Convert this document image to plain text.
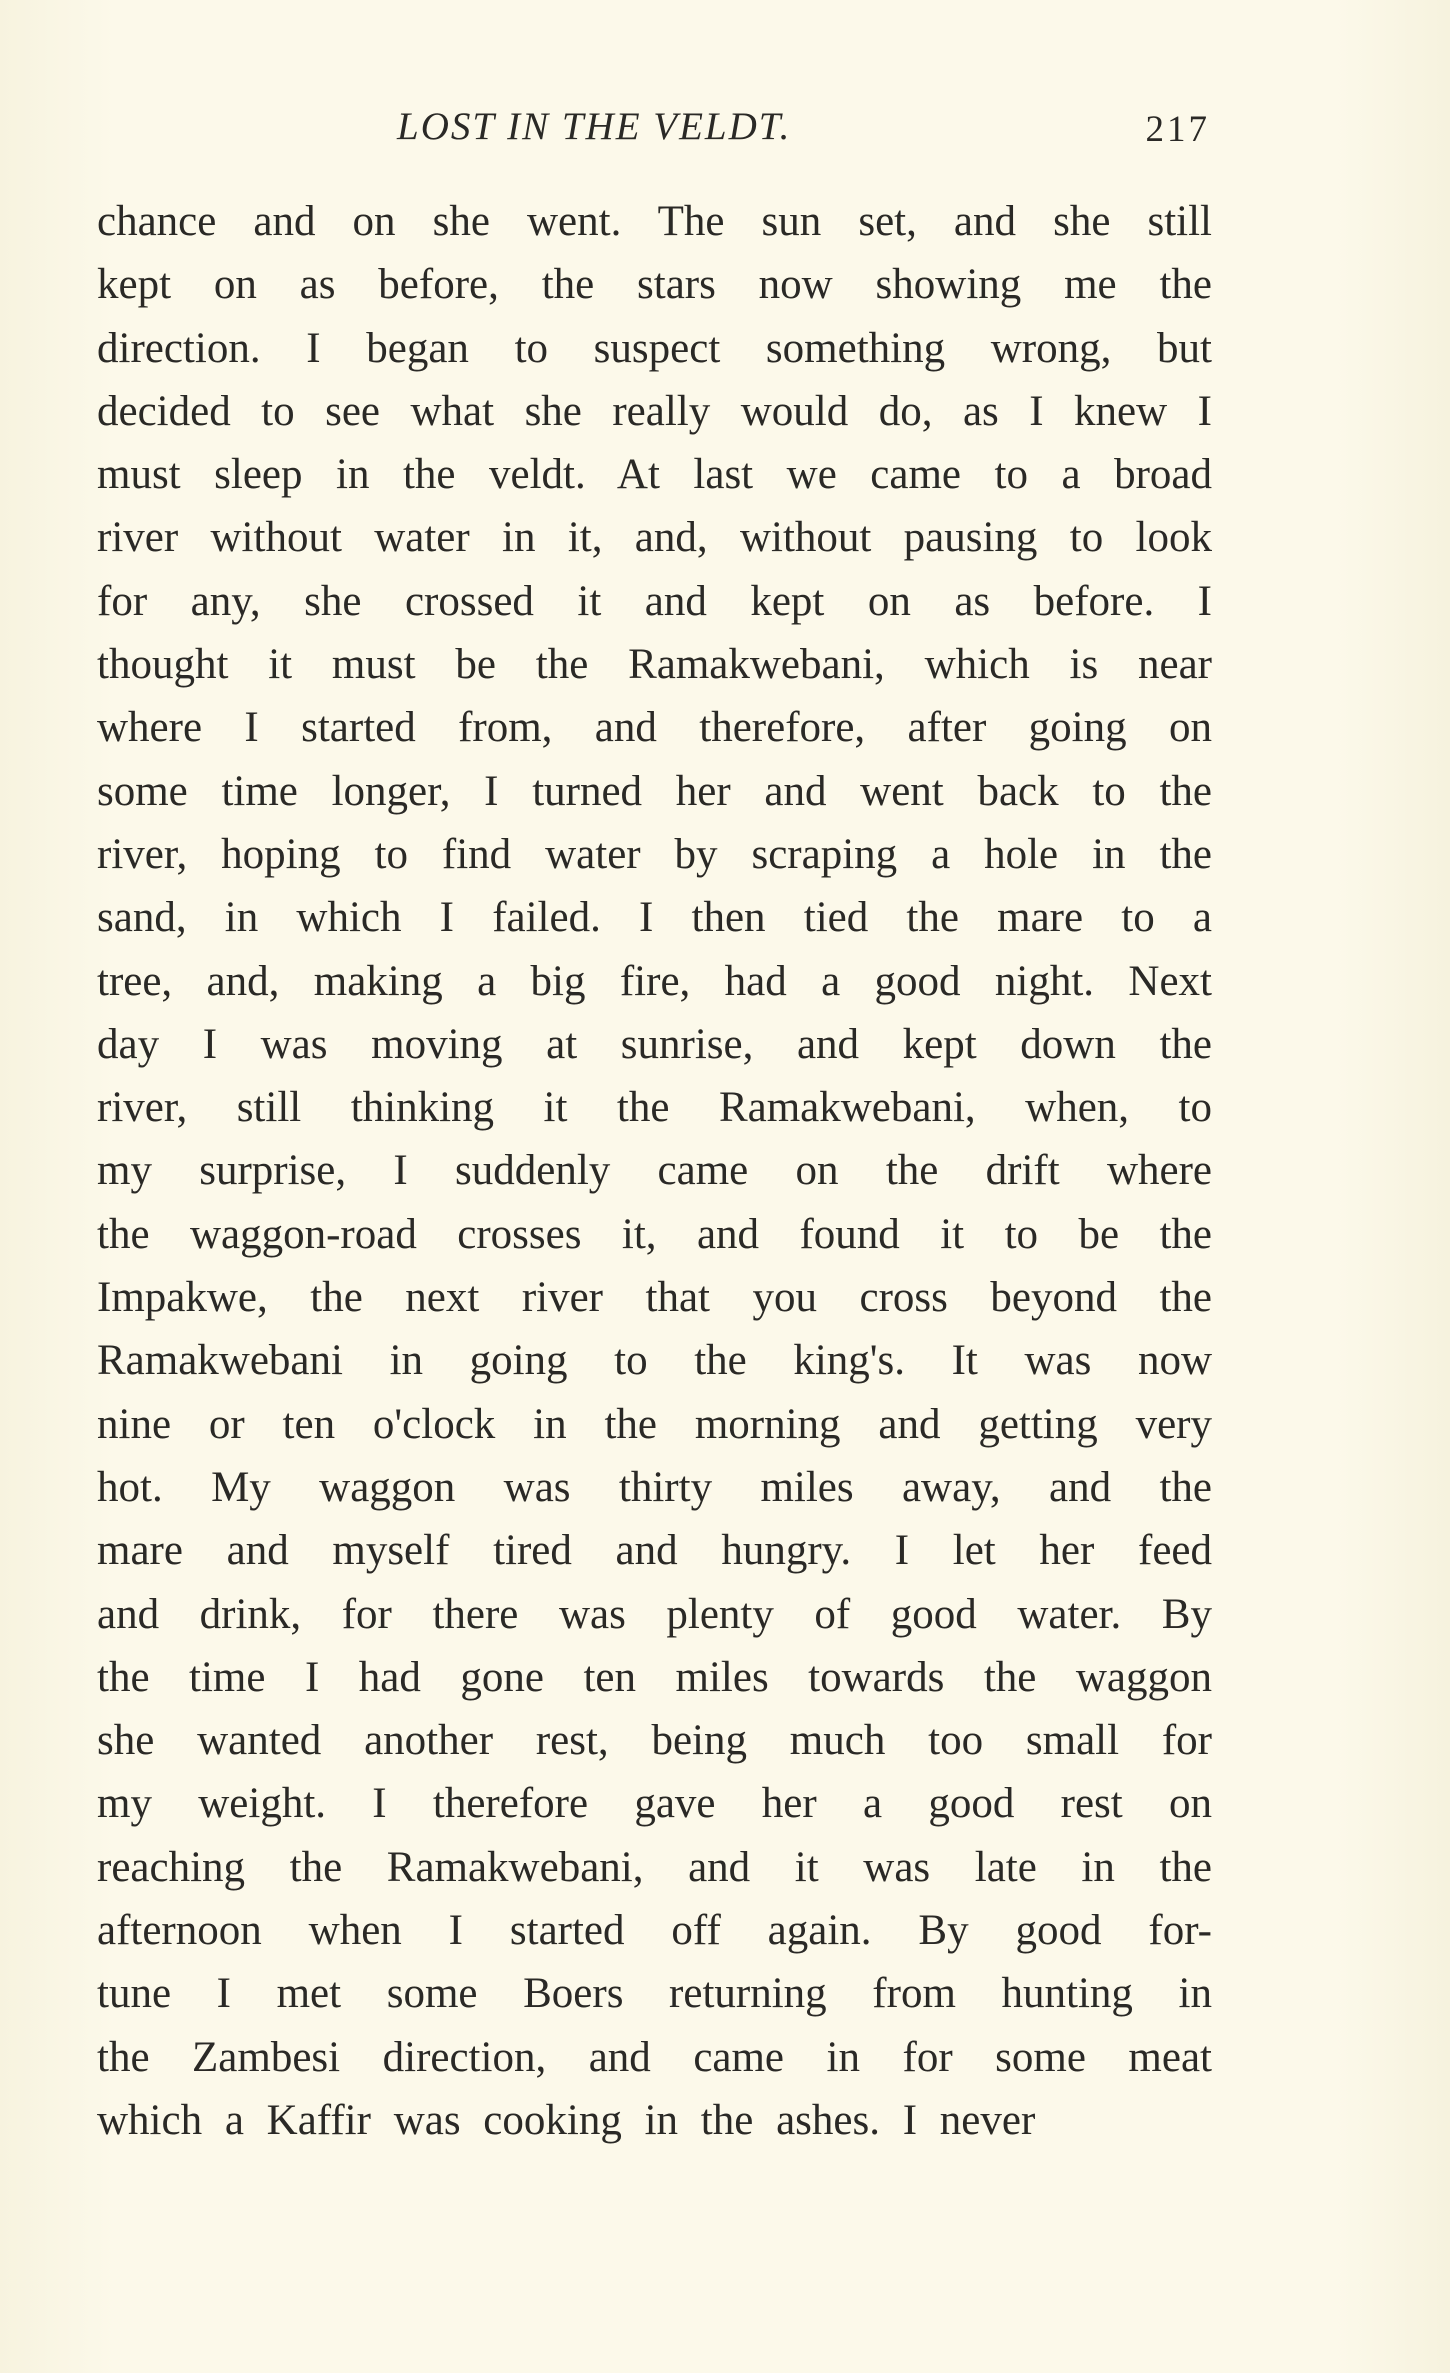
LOST IN THE VELDT.	217
chance and on she went. The sun set, and she still
kept on as before, the stars now showing me the
direction. I began to suspect something wrong, but
decided to see what she really would do, as I knew I
must sleep in the veldt. At last we came to a broad
river without water in it, and, without pausing to look
for any, she crossed it and kept on as before. I
thought it must be the Ramakwebani, which is near
where I started from, and therefore, after going on
some time longer, I turned her and went back to the
river, hoping to find water by scraping a hole in the
sand, in which I failed. I then tied the mare to a
tree, and, making a big fire, had a good night. Next
day I was moving at sunrise, and kept down the
river, still thinking it the Ramakwebani, when, to
my surprise, I suddenly came on the drift where
the waggon-road crosses it, and found it to be the
Impakwe, the next river that you cross beyond the
Ramakwebani in going to the king's. It was now
nine or ten o'clock in the morning and getting very
hot. My waggon was thirty miles away, and the
mare and myself tired and hungry. I let her feed
and drink, for there was plenty of good water. By
the time I had gone ten miles towards the waggon
she wanted another rest, being much too small for
my weight. I therefore gave her a good rest on
reaching the Ramakwebani, and it was late in the
afternoon when I started off again. By good for-
tune I met some Boers returning from hunting in
the Zambesi direction, and came in for some meat
which a Kaffir was cooking in the ashes. I never
